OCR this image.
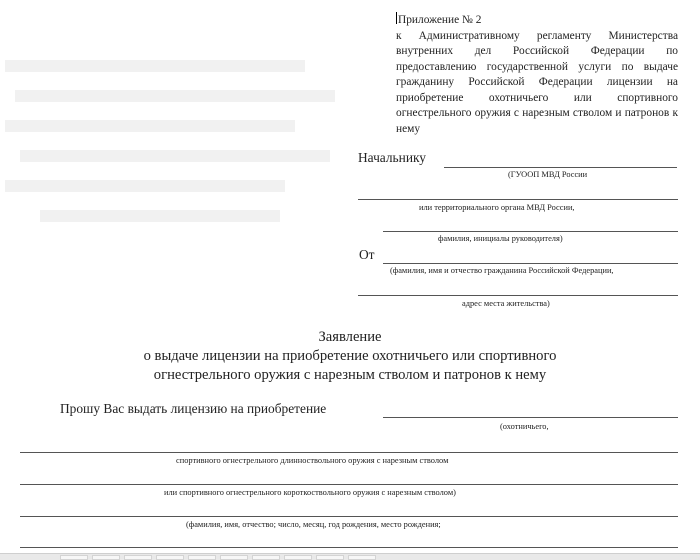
Приложение № 2
к Административному регламенту Министерства внутренних дел Российской Федерации по предоставлению государственной услуги по выдаче гражданину Российской Федерации лицензии на приобретение охотничьего или спортивного огнестрельного оружия с нарезным стволом и патронов к нему
Начальнику
(ГУООП МВД России
или территориального органа МВД России,
фамилия, инициалы руководителя)
От
(фамилия, имя и отчество гражданина Российской Федерации,
адрес места жительства)
Заявление
о выдаче лицензии на приобретение охотничьего или спортивного
огнестрельного оружия с нарезным стволом и патронов к нему
Прошу Вас выдать лицензию на приобретение
(охотничьего,
спортивного огнестрельного длинноствольного оружия с нарезным стволом
или спортивного огнестрельного короткоствольного оружия с нарезным стволом)
(фамилия, имя, отчество; число, месяц, год рождения, место рождения;
